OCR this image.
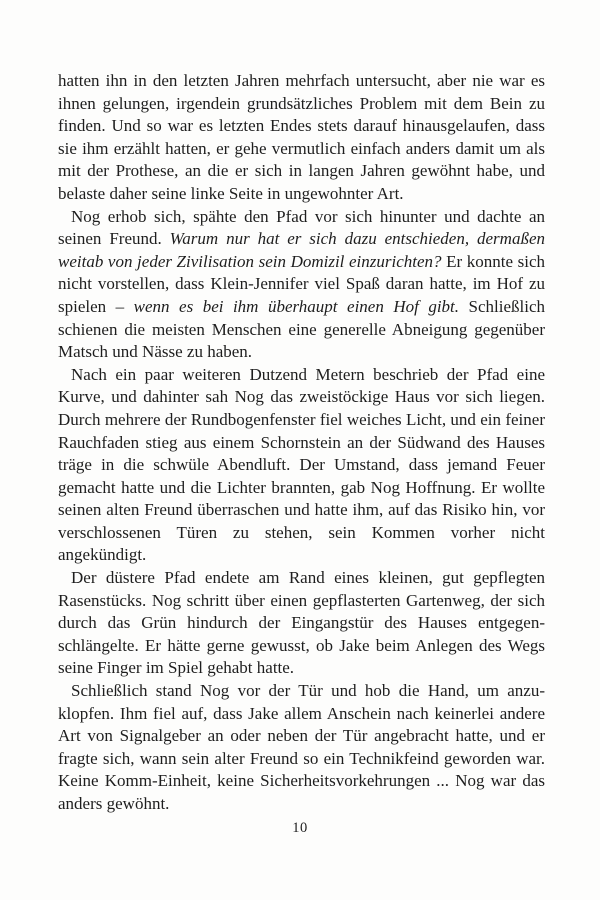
hatten ihn in den letzten Jahren mehrfach untersucht, aber nie war es ihnen gelungen, irgendein grundsätzliches Problem mit dem Bein zu finden. Und so war es letzten Endes stets darauf hinausgelaufen, dass sie ihm erzählt hatten, er gehe vermutlich einfach anders damit um als mit der Prothese, an die er sich in langen Jahren gewöhnt habe, und belaste daher seine linke Seite in ungewohnter Art.

Nog erhob sich, spähte den Pfad vor sich hinunter und dachte an seinen Freund. Warum nur hat er sich dazu entschieden, dermaßen weitab von jeder Zivilisation sein Domizil einzurichten? Er konnte sich nicht vorstellen, dass Klein-Jennifer viel Spaß daran hatte, im Hof zu spielen – wenn es bei ihm überhaupt einen Hof gibt. Schließlich schienen die meisten Menschen eine generelle Abneigung gegenüber Matsch und Nässe zu haben.

Nach ein paar weiteren Dutzend Metern beschrieb der Pfad eine Kurve, und dahinter sah Nog das zweistöckige Haus vor sich liegen. Durch mehrere der Rundbogenfenster fiel weiches Licht, und ein feiner Rauchfaden stieg aus einem Schornstein an der Südwand des Hauses träge in die schwüle Abendluft. Der Umstand, dass jemand Feuer gemacht hatte und die Lichter brannten, gab Nog Hoffnung. Er wollte seinen alten Freund überraschen und hatte ihm, auf das Risiko hin, vor verschlossenen Türen zu stehen, sein Kommen vorher nicht angekündigt.

Der düstere Pfad endete am Rand eines kleinen, gut gepflegten Rasenstücks. Nog schritt über einen gepflasterten Gartenweg, der sich durch das Grün hindurch der Eingangstür des Hauses entgegenschlängelte. Er hätte gerne gewusst, ob Jake beim Anlegen des Wegs seine Finger im Spiel gehabt hatte.

Schließlich stand Nog vor der Tür und hob die Hand, um anzuklopfen. Ihm fiel auf, dass Jake allem Anschein nach keinerlei andere Art von Signalgeber an oder neben der Tür angebracht hatte, und er fragte sich, wann sein alter Freund so ein Technikfeind geworden war. Keine Komm-Einheit, keine Sicherheitsvorkehrungen ... Nog war das anders gewöhnt.

10
